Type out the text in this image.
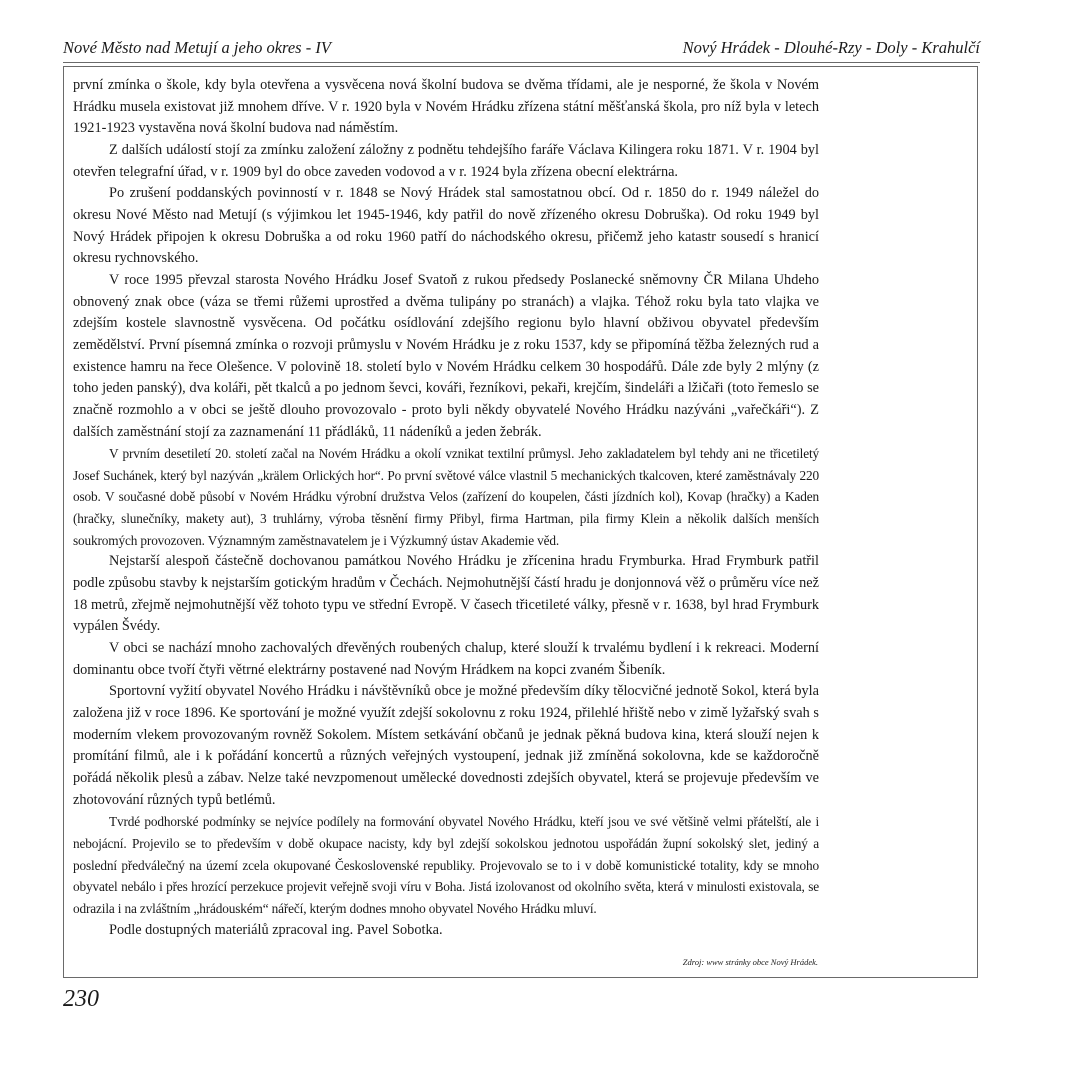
Nové Město nad Metují a jeho okres - IV	Nový Hrádek - Dlouhé-Rzy - Doly - Krahulčí

první zmínka o škole, kdy byla otevřena a vysvěcena nová školní budova se dvěma třídami, ale je nesporné, že škola v Novém Hrádku musela existovat již mnohem dříve. V r. 1920 byla v Novém Hrádku zřízena státní měšťanská škola, pro níž byla v letech 1921-1923 vystavěna nová školní budova nad náměstím.

Z dalších událostí stojí za zmínku založení záložny z podnětu tehdejšího faráře Václava Kilingera roku 1871. V r. 1904 byl otevřen telegrafní úřad, v r. 1909 byl do obce zaveden vodovod a v r. 1924 byla zřízena obecní elektrárna.

Po zrušení poddanských povinností v r. 1848 se Nový Hrádek stal samostatnou obcí. Od r. 1850 do r. 1949 náležel do okresu Nové Město nad Metují (s výjimkou let 1945-1946, kdy patřil do nově zřízeného okresu Dobruška). Od roku 1949 byl Nový Hrádek připojen k okresu Dobruška a od roku 1960 patří do náchodského okresu, přičemž jeho katastr sousedí s hranicí okresu rychnovského.

V roce 1995 převzal starosta Nového Hrádku Josef Svatoň z rukou předsedy Poslanecké sněmovny ČR Milana Uhdeho obnovený znak obce (váza se třemi růžemi uprostřed a dvěma tulipány po stranách) a vlajka. Téhož roku byla tato vlajka ve zdejším kostele slavnostně vysvěcena. Od počátku osídlování zdejšího regionu bylo hlavní obživou obyvatel především zemědělství. První písemná zmínka o rozvoji průmyslu v Novém Hrádku je z roku 1537, kdy se připomíná těžba železných rud a existence hamru na řece Olešence. V polovině 18. století bylo v Novém Hrádku celkem 30 hospodářů. Dále zde byly 2 mlýny (z toho jeden panský), dva koláři, pět tkalců a po jednom ševci, kováři, řezníkovi, pekaři, krejčím, šindeláři a lžičaři (toto řemeslo se značně rozmohlo a v obci se ještě dlouho provozovalo - proto byli někdy obyvatelé Nového Hrádku nazýváni „vařečkáři“). Z dalších zaměstnání stojí za zaznamenání 11 přádláků, 11 nádeníků a jeden žebrák.

V prvním desetiletí 20. století začal na Novém Hrádku a okolí vznikat textilní průmysl. Jeho zakladatelem byl tehdy ani ne třicetiletý Josef Suchánek, který byl nazýván „krälem Orlických hor“. Po první světové válce vlastnil 5 mechanických tkalcoven, které zaměstnávaly 220 osob. V současné době působí v Novém Hrádku výrobní družstva Velos (zařízení do koupelen, části jízdních kol), Kovap (hračky) a Kaden (hračky, slunečníky, makety aut), 3 truhlárny, výroba těsnění firmy Přibyl, firma Hartman, pila firmy Klein a několik dalších menších soukromých provozoven. Významným zaměstnavatelem je i Výzkumný ústav Akademie věd.

Nejstarší alespoň částečně dochovanou památkou Nového Hrádku je zřícenina hradu Frymburka. Hrad Frymburk patřil podle způsobu stavby k nejstarším gotickým hradům v Čechách. Nejmohutnější částí hradu je donjonnová věž o průměru více než 18 metrů, zřejmě nejmohutnější věž tohoto typu ve střední Evropě. V časech třicetileté války, přesně v r. 1638, byl hrad Frymburk vypálen Švédy.

V obci se nachází mnoho zachovalých dřevěných roubených chalup, které slouží k trvalému bydlení i k rekreaci. Moderní dominantu obce tvoří čtyři větrné elektrárny postavené nad Novým Hrádkem na kopci zvaném Šibeník.

Sportovní vyžití obyvatel Nového Hrádku i návštěvníků obce je možné především díky tělocvičné jednotě Sokol, která byla založena již v roce 1896. Ke sportování je možné využít zdejší sokolovnu z roku 1924, přilehlé hřiště nebo v zimě lyžařský svah s moderním vlekem provozovaným rovněž Sokolem. Místem setkávání občanů je jednak pěkná budova kina, která slouží nejen k promítání filmů, ale i k pořádání koncertů a různých veřejných vystoupení, jednak již zmíněná sokolovna, kde se každoročně pořádá několik plesů a zábav. Nelze také nevzpomenout umělecké dovednosti zdejších obyvatel, která se projevuje především ve zhotovování různých typů betlémů.

Tvrdé podhorské podmínky se nejvíce podílely na formování obyvatel Nového Hrádku, kteří jsou ve své většině velmi přátelští, ale i nebojácní. Projevilo se to především v době okupace nacisty, kdy byl zdejší sokolskou jednotou uspořádán župní sokolský slet, jediný a poslední předválečný na území zcela okupované Československé republiky. Projevovalo se to i v době komunistické totality, kdy se mnoho obyvatel nebálo i přes hrozící perzekuce projevit veřejně svoji víru v Boha. Jistá izolovanost od okolního světa, která v minulosti existovala, se odrazila i na zvláštním „hrádouském“ nářečí, kterým dodnes mnoho obyvatel Nového Hrádku mluví.

Podle dostupných materiálů zpracoval ing. Pavel Sobotka.

Zdroj: www stránky obce Nový Hrádek.
230
